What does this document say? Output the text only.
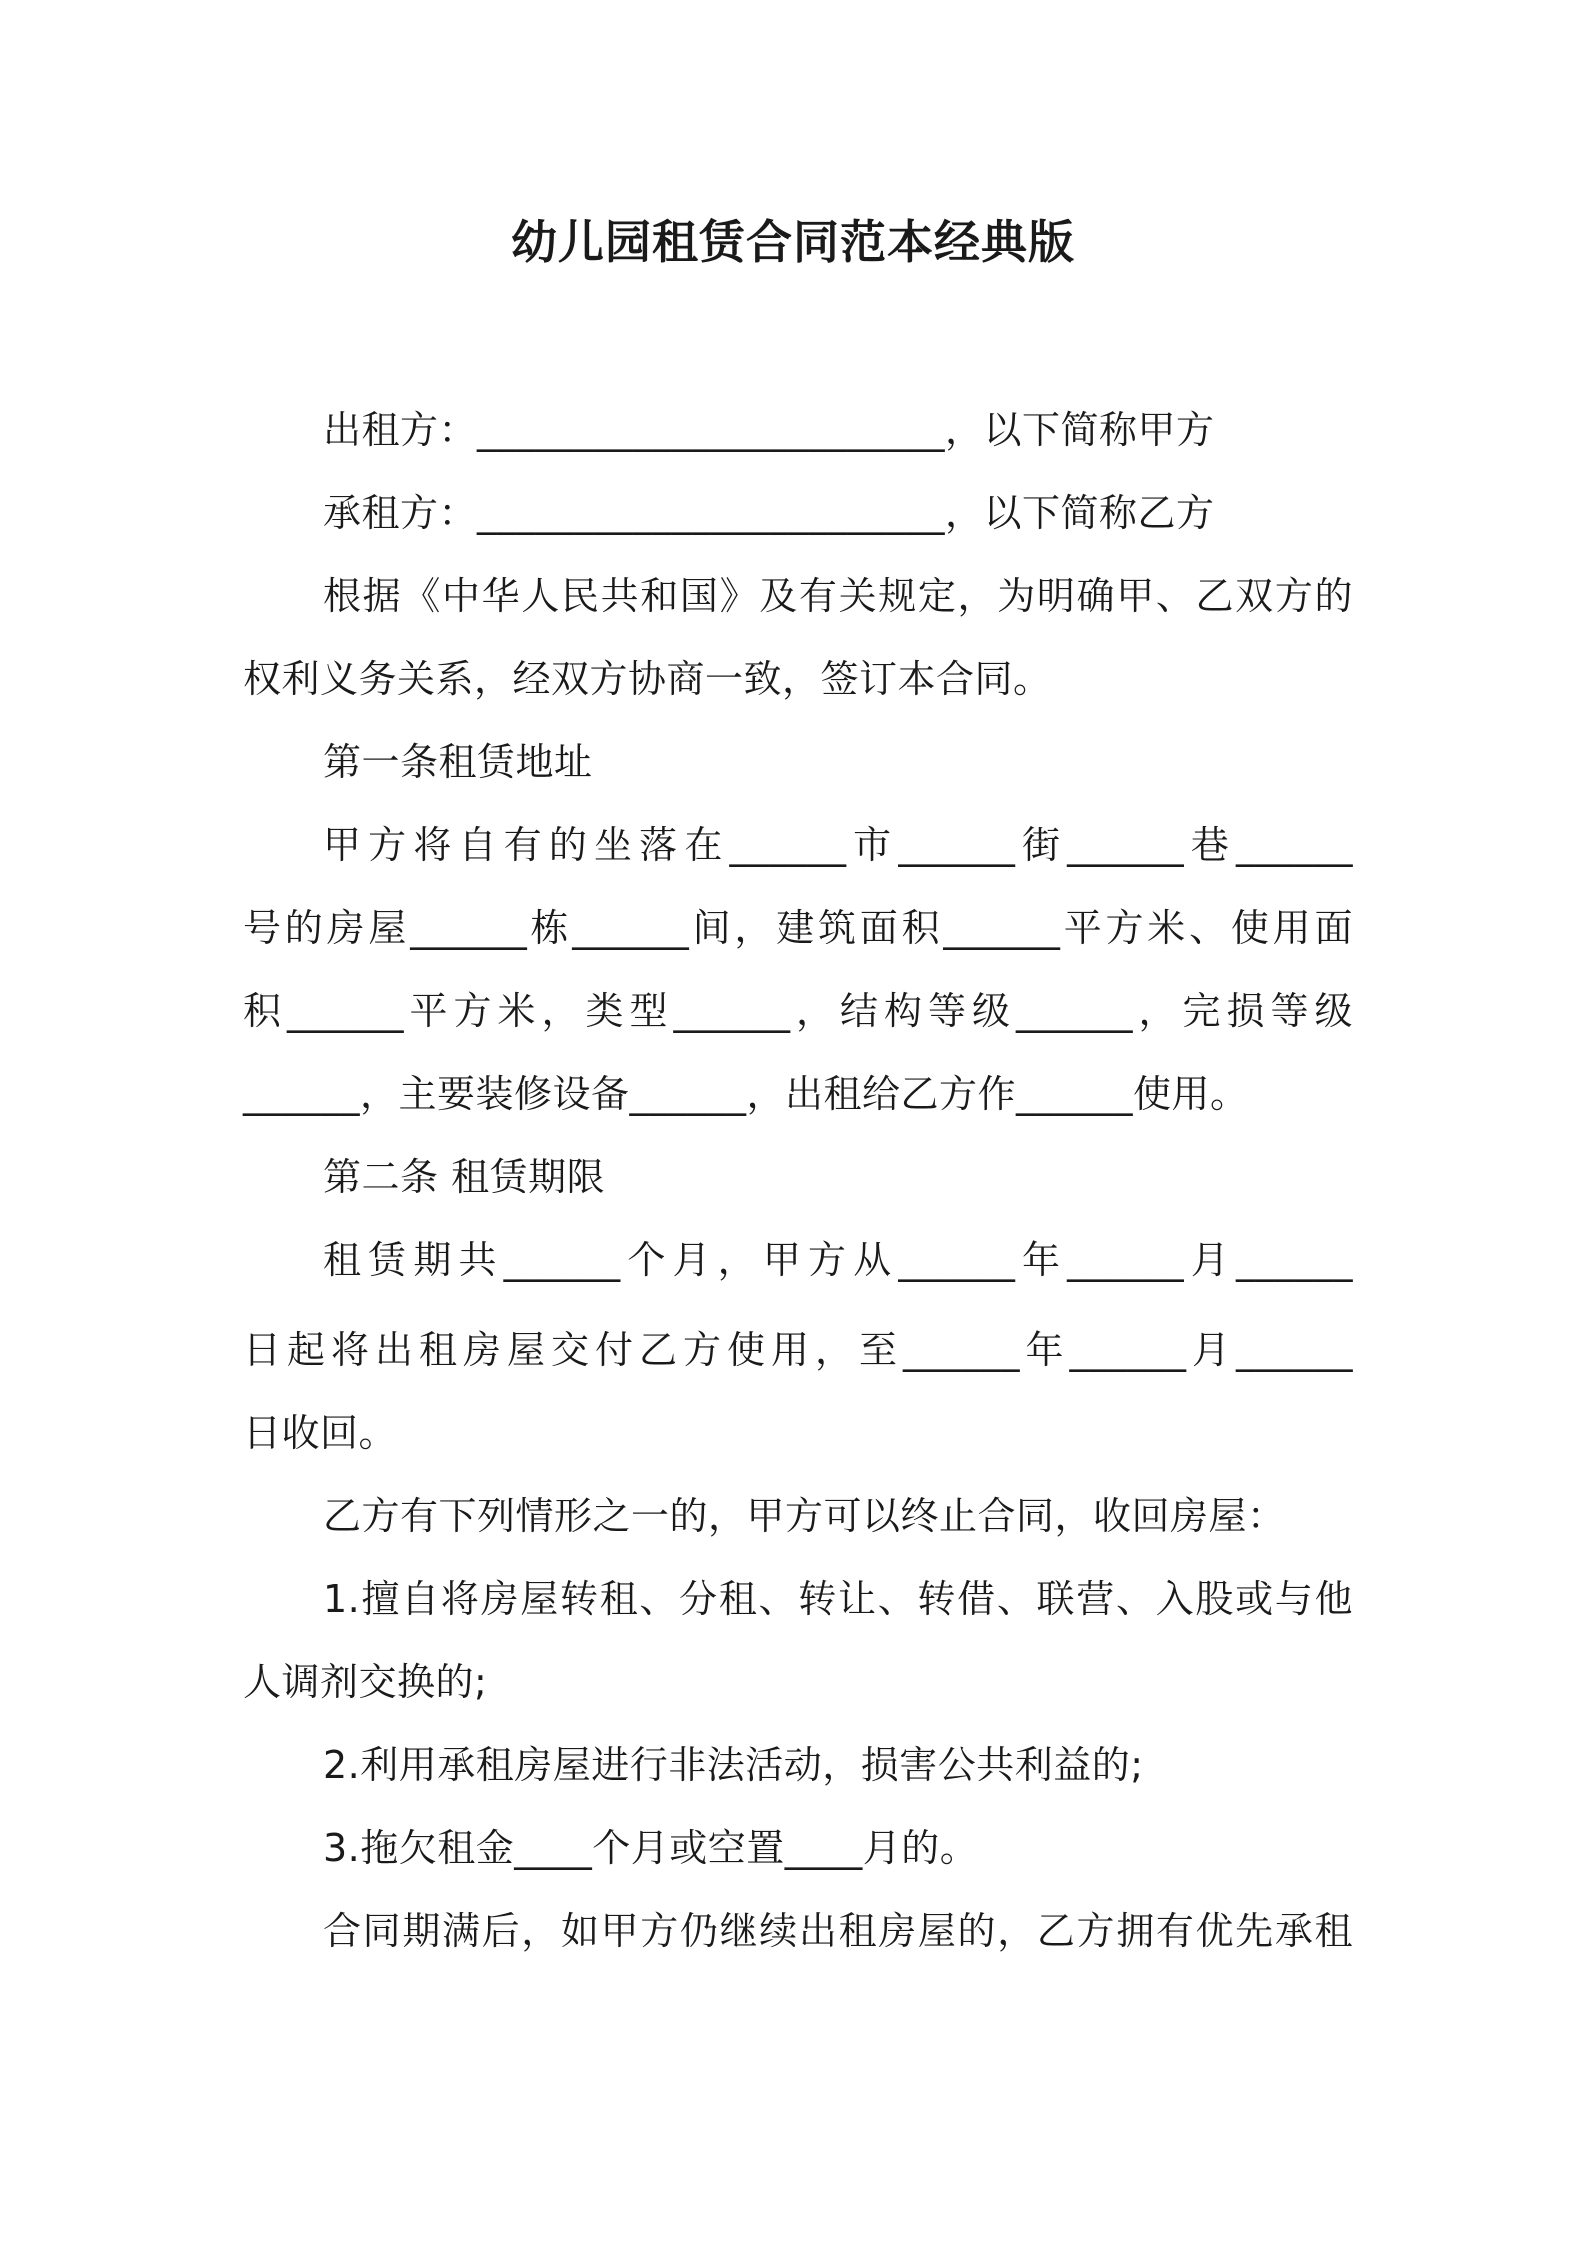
幼儿园租赁合同范本经典版
出租方：________________________，以下简称甲方
承租方：________________________，以下简称乙方
根据《中华人民共和国》及有关规定，为明确甲、乙双方的
权利义务关系，经双方协商一致，签订本合同。
第一条租赁地址
甲方将自有的坐落在______市______街______巷______
号的房屋______栋______间，建筑面积______平方米、使用面
积______平方米，类型______，结构等级______，完损等级
______，主要装修设备______，出租给乙方作______使用。
第二条 租赁期限
租赁期共______个月，甲方从______年______月______
日起将出租房屋交付乙方使用，至______年______月______
日收回。
乙方有下列情形之一的，甲方可以终止合同，收回房屋：
1.擅自将房屋转租、分租、转让、转借、联营、入股或与他
人调剂交换的;
2.利用承租房屋进行非法活动，损害公共利益的;
3.拖欠租金____个月或空置____月的。
合同期满后，如甲方仍继续出租房屋的，乙方拥有优先承租
